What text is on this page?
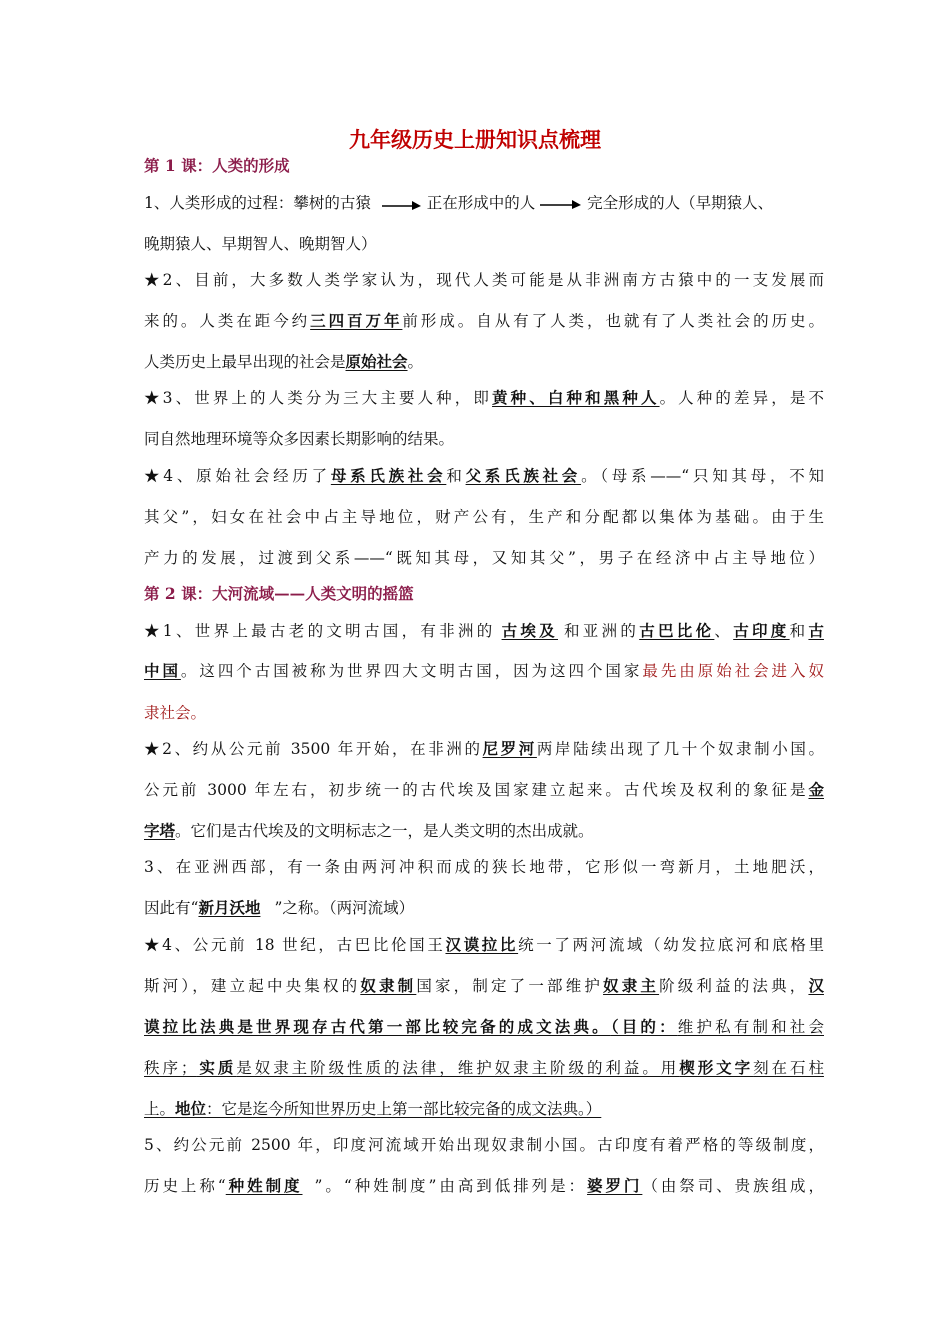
九年级历史上册知识点梳理
第 1 课：人类的形成
1、人类形成的过程：攀树的古猿	正在形成中的人	完全形成的人（早期猿人、
晚期猿人、早期智人、晚期智人）
★2、目前，大多数人类学家认为，现代人类可能是从非洲南方古猿中的一支发展而
来的。人类在距今约三四百万年前形成。自从有了人类，也就有了人类社会的历史。
人类历史上最早出现的社会是原始社会。
★3、世界上的人类分为三大主要人种，即黄种、白种和黑种人。人种的差异，是不
同自然地理环境等众多因素长期影响的结果。
★4、原始社会经历了母系氏族社会和父系氏族社会。（母系——“只知其母，不知
其父”，妇女在社会中占主导地位，财产公有，生产和分配都以集体为基础。由于生
产力的发展，过渡到父系——“既知其母，又知其父”，男子在经济中占主导地位）
第 2 课：大河流域——人类文明的摇篮
★1、世界上最古老的文明古国，有非洲的 古埃及 和亚洲的古巴比伦、古印度和古
中国。这四个古国被称为世界四大文明古国，因为这四个国家最先由原始社会进入奴
隶社会。
★2、约从公元前 3500 年开始，在非洲的尼罗河两岸陆续出现了几十个奴隶制小国。
公元前 3000 年左右，初步统一的古代埃及国家建立起来。古代埃及权利的象征是金
字塔。它们是古代埃及的文明标志之一，是人类文明的杰出成就。
3、在亚洲西部，有一条由两河冲积而成的狭长地带，它形似一弯新月，土地肥沃，
因此有“新月沃地 ”之称。（两河流域）
★4、公元前 18 世纪，古巴比伦国王汉谟拉比统一了两河流域（幼发拉底河和底格里
斯河），建立起中央集权的奴隶制国家，制定了一部维护奴隶主阶级利益的法典，汉
谟拉比法典是世界现存古代第一部比较完备的成文法典。（目的：维护私有制和社会
秩序；实质是奴隶主阶级性质的法律，维护奴隶主阶级的利益。用楔形文字刻在石柱
上。地位：它是迄今所知世界历史上第一部比较完备的成文法典。）
5、约公元前 2500 年，印度河流域开始出现奴隶制小国。古印度有着严格的等级制度，
历史上称“种姓制度 ”。“种姓制度”由高到低排列是：婆罗门（由祭司、贵族组成，
